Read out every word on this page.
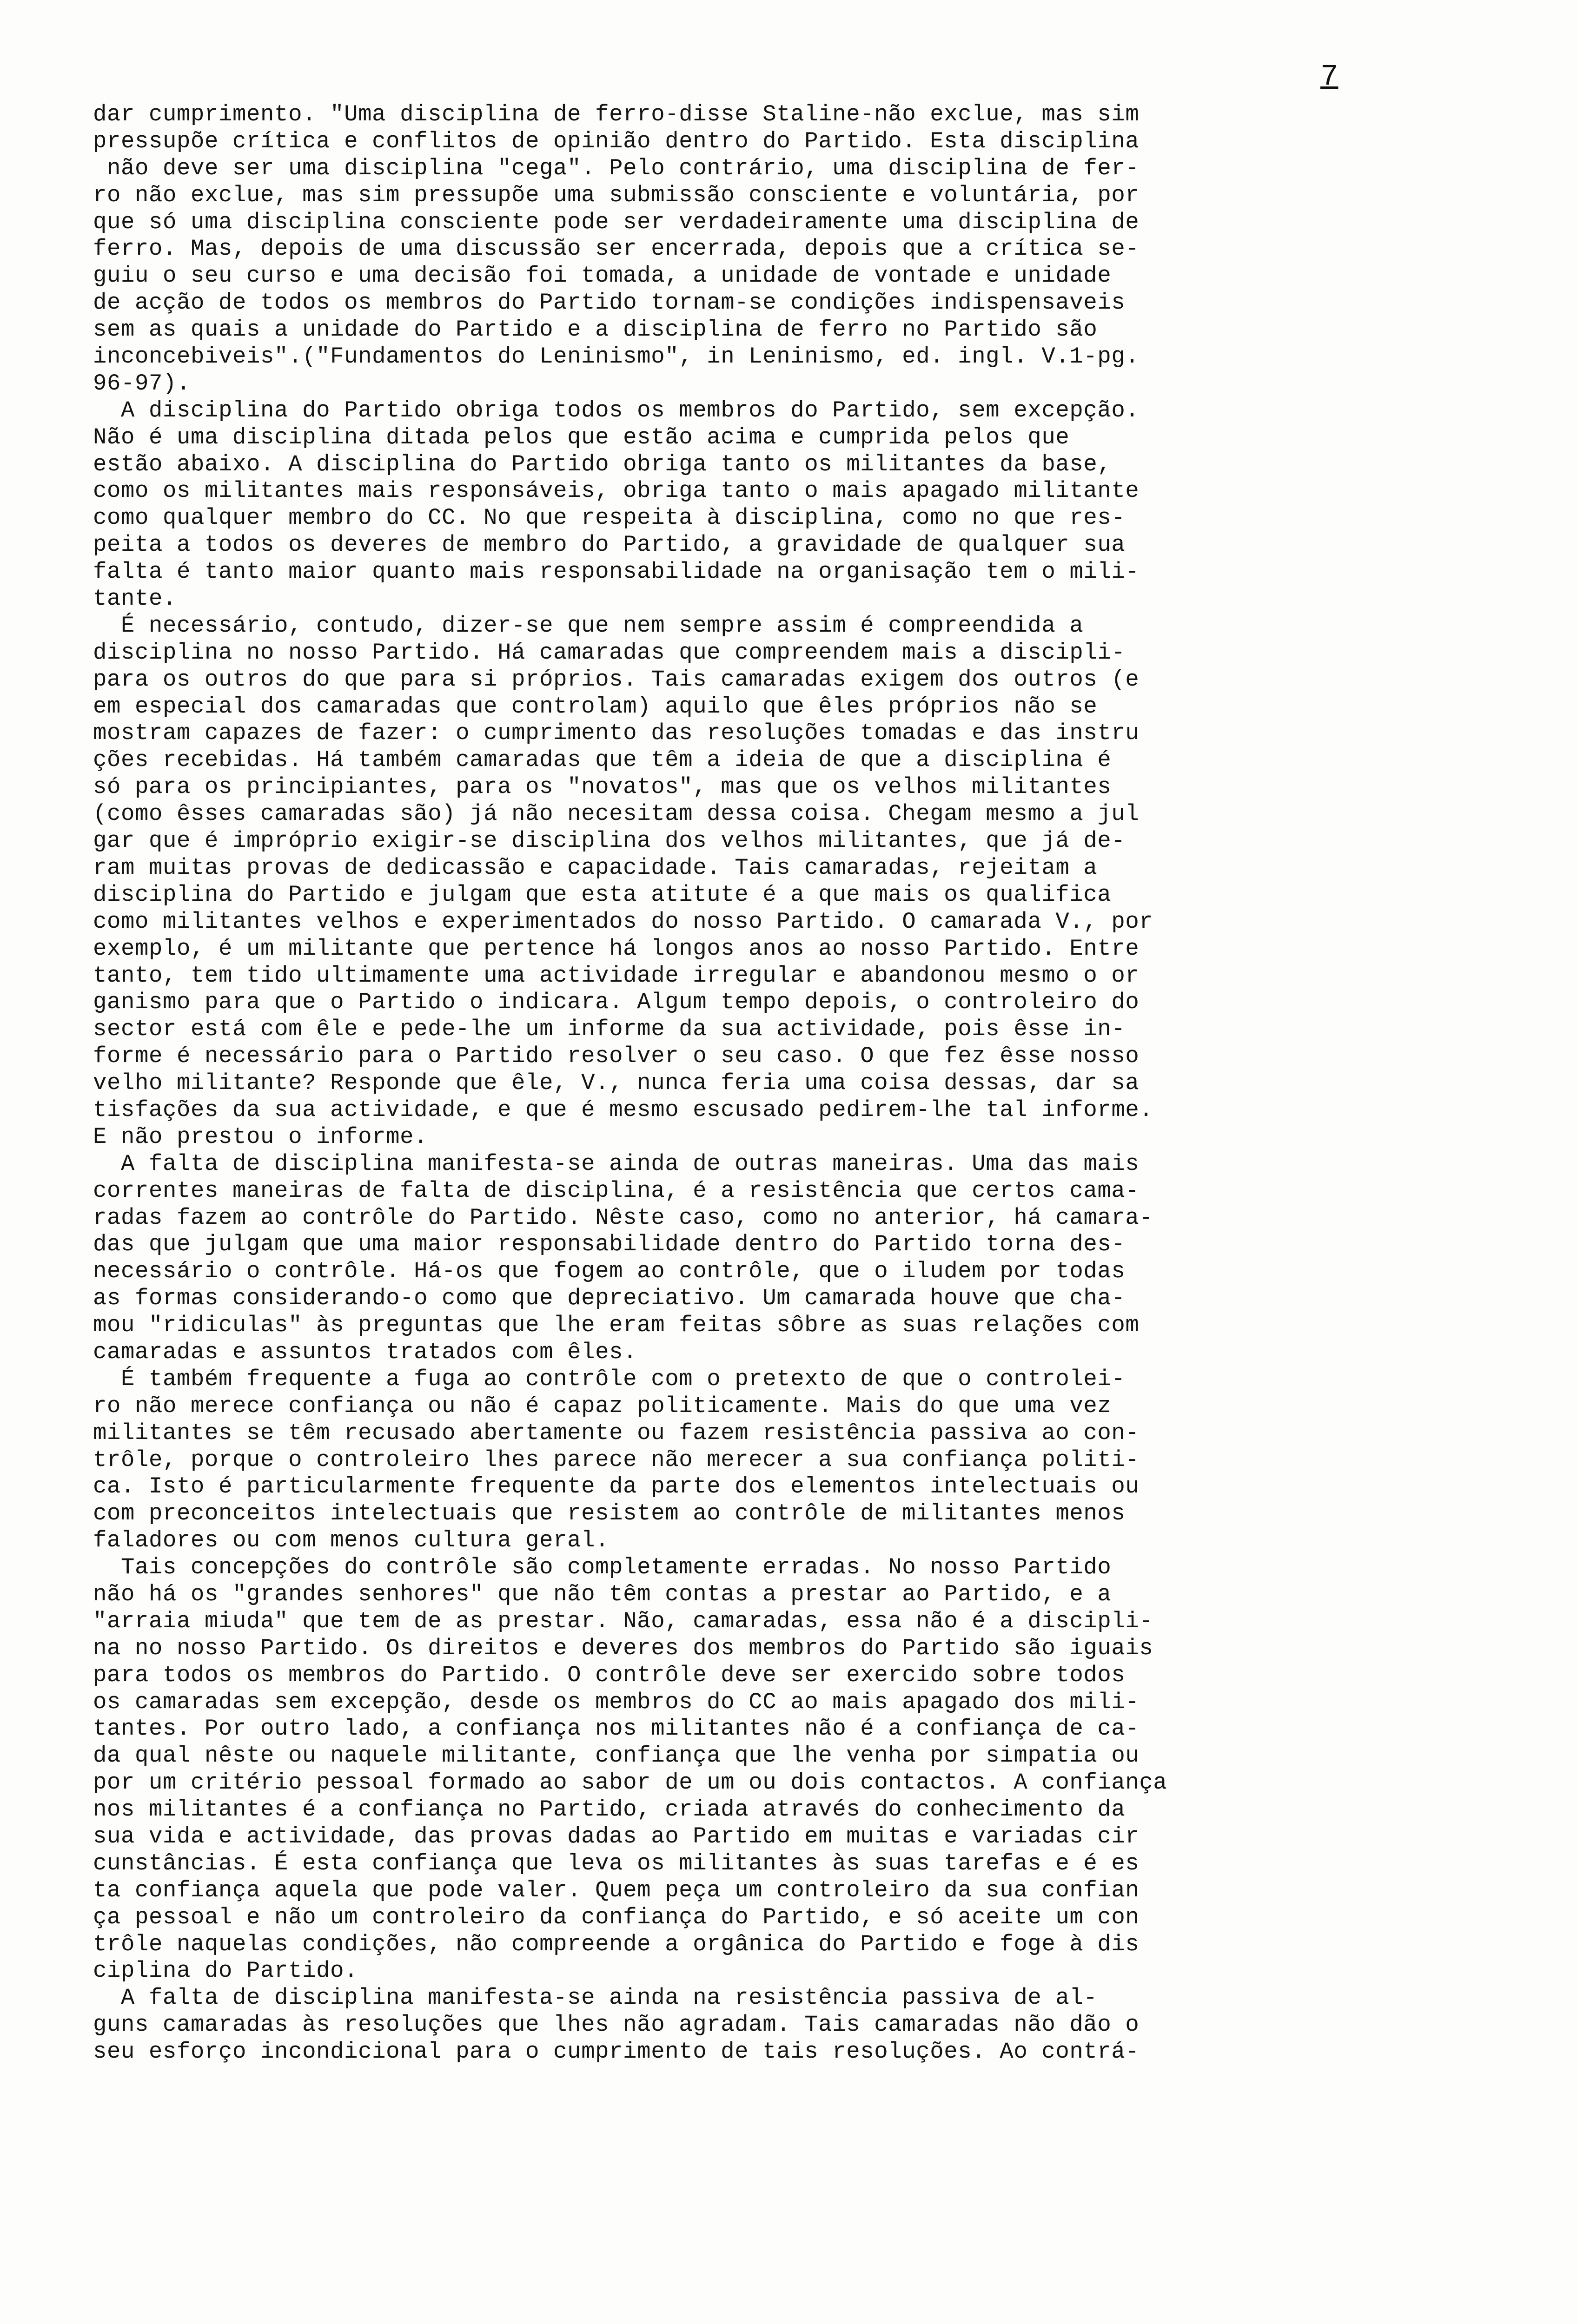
7
dar cumprimento. "Uma disciplina de ferro-disse Staline-não exclue, mas sim
pressupõe crítica e conflitos de opinião dentro do Partido. Esta disciplina
não deve ser uma disciplina "cega". Pelo contrário, uma disciplina de fer-
ro não exclue, mas sim pressupõe uma submissão consciente e voluntária, por
que só uma disciplina consciente pode ser verdadeiramente uma disciplina de
ferro. Mas, depois de uma discussão ser encerrada, depois que a crítica se-
guiu o seu curso e uma decisão foi tomada, a unidade de vontade e unidade
de acção de todos os membros do Partido tornam-se condições indispensaveis
sem as quais a unidade do Partido e a disciplina de ferro no Partido são
inconcebiveis".("Fundamentos do Leninismo", in Leninismo, ed. ingl. V.1-pg.
96-97).
A disciplina do Partido obriga todos os membros do Partido, sem excepção.
Não é uma disciplina ditada pelos que estão acima e cumprida pelos que
estão abaixo. A disciplina do Partido obriga tanto os militantes da base,
como os militantes mais responsáveis, obriga tanto o mais apagado militante
como qualquer membro do CC. No que respeita à disciplina, como no que res-
peita a todos os deveres de membro do Partido, a gravidade de qualquer sua
falta é tanto maior quanto mais responsabilidade na organisação tem o mili-
tante.
É necessário, contudo, dizer-se que nem sempre assim é compreendida a
disciplina no nosso Partido. Há camaradas que compreendem mais a discipli-
para os outros do que para si próprios. Tais camaradas exigem dos outros (e
em especial dos camaradas que controlam) aquilo que êles próprios não se
mostram capazes de fazer: o cumprimento das resoluções tomadas e das instru
ções recebidas. Há também camaradas que têm a ideia de que a disciplina é
só para os principiantes, para os "novatos", mas que os velhos militantes
(como êsses camaradas são) já não necesitam dessa coisa. Chegam mesmo a jul
gar que é impróprio exigir-se disciplina dos velhos militantes, que já de-
ram muitas provas de dedicassão e capacidade. Tais camaradas, rejeitam a
disciplina do Partido e julgam que esta atitute é a que mais os qualifica
como militantes velhos e experimentados do nosso Partido. O camarada V., por
exemplo, é um militante que pertence há longos anos ao nosso Partido. Entre
tanto, tem tido ultimamente uma actividade irregular e abandonou mesmo o or
ganismo para que o Partido o indicara. Algum tempo depois, o controleiro do
sector está com êle e pede-lhe um informe da sua actividade, pois êsse in-
forme é necessário para o Partido resolver o seu caso. O que fez êsse nosso
velho militante? Responde que êle, V., nunca feria uma coisa dessas, dar sa
tisfações da sua actividade, e que é mesmo escusado pedirem-lhe tal informe.
E não prestou o informe.
A falta de disciplina manifesta-se ainda de outras maneiras. Uma das mais
correntes maneiras de falta de disciplina, é a resistência que certos cama-
radas fazem ao contrôle do Partido. Nêste caso, como no anterior, há camara-
das que julgam que uma maior responsabilidade dentro do Partido torna des-
necessário o contrôle. Há-os que fogem ao contrôle, que o iludem por todas
as formas considerando-o como que depreciativo. Um camarada houve que cha-
mou "ridiculas" às preguntas que lhe eram feitas sôbre as suas relações com
camaradas e assuntos tratados com êles.
É também frequente a fuga ao contrôle com o pretexto de que o controlei-
ro não merece confiança ou não é capaz politicamente. Mais do que uma vez
militantes se têm recusado abertamente ou fazem resistência passiva ao con-
trôle, porque o controleiro lhes parece não merecer a sua confiança politi-
ca. Isto é particularmente frequente da parte dos elementos intelectuais ou
com preconceitos intelectuais que resistem ao contrôle de militantes menos
faladores ou com menos cultura geral.
Tais concepções do contrôle são completamente erradas. No nosso Partido
não há os "grandes senhores" que não têm contas a prestar ao Partido, e a
"arraia miuda" que tem de as prestar. Não, camaradas, essa não é a discipli-
na no nosso Partido. Os direitos e deveres dos membros do Partido são iguais
para todos os membros do Partido. O contrôle deve ser exercido sobre todos
os camaradas sem excepção, desde os membros do CC ao mais apagado dos mili-
tantes. Por outro lado, a confiança nos militantes não é a confiança de ca-
da qual nêste ou naquele militante, confiança que lhe venha por simpatia ou
por um critério pessoal formado ao sabor de um ou dois contactos. A confiança
nos militantes é a confiança no Partido, criada através do conhecimento da
sua vida e actividade, das provas dadas ao Partido em muitas e variadas cir
cunstâncias. É esta confiança que leva os militantes às suas tarefas e é es
ta confiança aquela que pode valer. Quem peça um controleiro da sua confian
ça pessoal e não um controleiro da confiança do Partido, e só aceite um con
trôle naquelas condições, não compreende a orgânica do Partido e foge à dis
ciplina do Partido.
A falta de disciplina manifesta-se ainda na resistência passiva de al-
guns camaradas às resoluções que lhes não agradam. Tais camaradas não dão o
seu esforço incondicional para o cumprimento de tais resoluções. Ao contrá-
